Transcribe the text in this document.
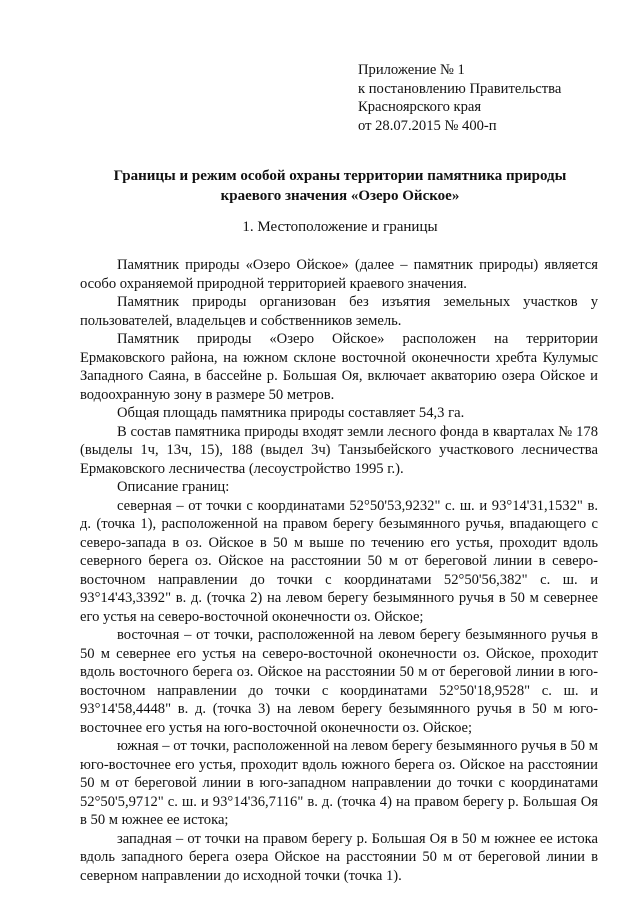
Приложение № 1
к постановлению Правительства
Красноярского края
от 28.07.2015 № 400-п
Границы и режим особой охраны территории памятника природы
краевого значения «Озеро Ойское»
1. Местоположение и границы

Памятник природы «Озеро Ойское» (далее – памятник природы) является особо охраняемой природной территорией краевого значения.

Памятник природы организован без изъятия земельных участков у пользователей, владельцев и собственников земель.

Памятник природы «Озеро Ойское» расположен на территории Ермаковского района, на южном склоне восточной оконечности хребта Кулумыс Западного Саяна, в бассейне р. Большая Оя, включает акваторию озера Ойское и водоохранную зону в размере 50 метров.

Общая площадь памятника природы составляет 54,3 га.

В состав памятника природы входят земли лесного фонда в кварталах № 178 (выделы 1ч, 13ч, 15), 188 (выдел 3ч) Танзыбейского участкового лесничества Ермаковского лесничества (лесоустройство 1995 г.).

Описание границ:

северная – от точки с координатами 52°50'53,9232" с. ш. и 93°14'31,1532" в. д. (точка 1), расположенной на правом берегу безымянного ручья, впадающего с северо-запада в оз. Ойское в 50 м выше по течению его устья, проходит вдоль северного берега оз. Ойское на расстоянии 50 м от береговой линии в северо-восточном направлении до точки с координатами 52°50'56,382" с. ш. и 93°14'43,3392" в. д. (точка 2) на левом берегу безымянного ручья в 50 м севернее его устья на северо-восточной оконечности оз. Ойское;

восточная – от точки, расположенной на левом берегу безымянного ручья в 50 м севернее его устья на северо-восточной оконечности оз. Ойское, проходит вдоль восточного берега оз. Ойское на расстоянии 50 м от береговой линии в юго-восточном направлении до точки с координатами 52°50'18,9528" с. ш. и 93°14'58,4448" в. д. (точка 3) на левом берегу безымянного ручья в 50 м юго-восточнее его устья на юго-восточной оконечности оз. Ойское;

южная – от точки, расположенной на левом берегу безымянного ручья в 50 м юго-восточнее его устья, проходит вдоль южного берега оз. Ойское на расстоянии 50 м от береговой линии в юго-западном направлении до точки с координатами 52°50'5,9712" с. ш. и 93°14'36,7116" в. д. (точка 4) на правом берегу р. Большая Оя в 50 м южнее ее истока;

западная – от точки на правом берегу р. Большая Оя в 50 м южнее ее истока вдоль западного берега озера Ойское на расстоянии 50 м от береговой линии в северном направлении до исходной точки (точка 1).
